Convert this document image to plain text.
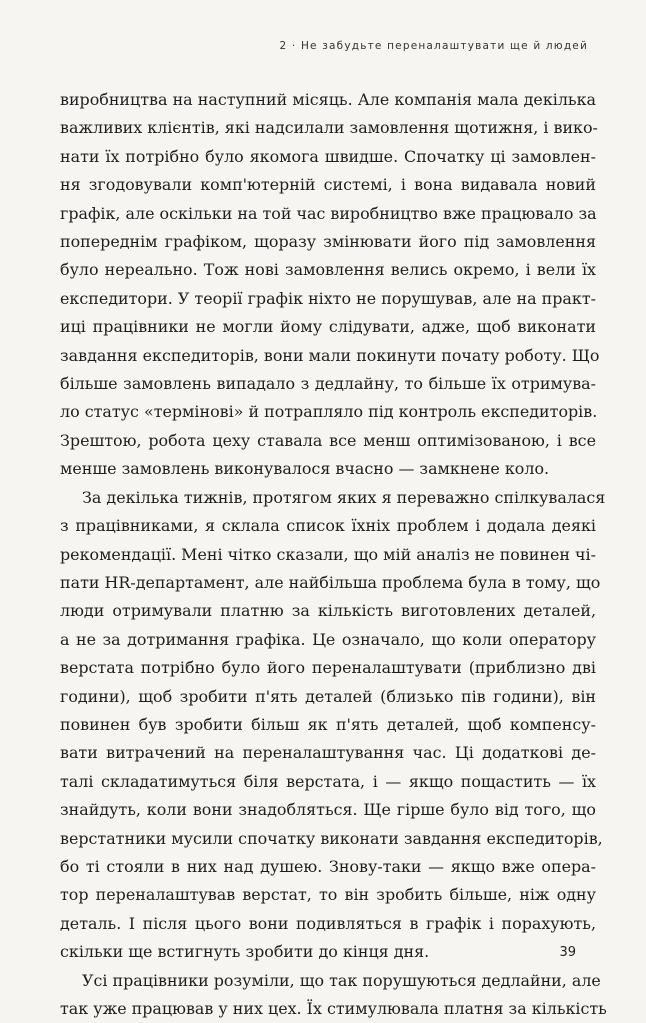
2 · Не забудьте переналаштувати ще й людей
виробництва на наступний місяць. Але компанія мала декілька
важливих клієнтів, які надсилали замовлення щотижня, і вико-
нати їх потрібно було якомога швидше. Спочатку ці замовлен-
ня згодовували комп'ютерній системі, і вона видавала новий
графік, але оскільки на той час виробництво вже працювало за
попереднім графіком, щоразу змінювати його під замовлення
було нереально. Тож нові замовлення велись окремо, і вели їх
експедитори. У теорії графік ніхто не порушував, але на практ-
иці працівники не могли йому слідувати, адже, щоб виконати
завдання експедиторів, вони мали покинути почату роботу. Що
більше замовлень випадало з дедлайну, то більше їх отримува-
ло статус «термінові» й потрапляло під контроль експедиторів.
Зрештою, робота цеху ставала все менш оптимізованою, і все
менше замовлень виконувалося вчасно — замкнене коло.
За декілька тижнів, протягом яких я переважно спілкувалася
з працівниками, я склала список їхніх проблем і додала деякі
рекомендації. Мені чітко сказали, що мій аналіз не повинен чі-
пати HR-департамент, але найбільша проблема була в тому, що
люди отримували платню за кількість виготовлених деталей,
а не за дотримання графіка. Це означало, що коли оператору
верстата потрібно було його переналаштувати (приблизно дві
години), щоб зробити п'ять деталей (близько пів години), він
повинен був зробити більш як п'ять деталей, щоб компенсу-
вати витрачений на переналаштування час. Ці додаткові де-
талі складатимуться біля верстата, і — якщо пощастить — їх
знайдуть, коли вони знадобляться. Ще гірше було від того, що
верстатники мусили спочатку виконати завдання експедиторів,
бо ті стояли в них над душею. Знову-таки — якщо вже опера-
тор переналаштував верстат, то він зробить більше, ніж одну
деталь. І після цього вони подивляться в графік і порахують,
скільки ще встигнуть зробити до кінця дня.
Усі працівники розуміли, що так порушуються дедлайни, але
так уже працював у них цех. Їх стимулювала платня за кількість
39
